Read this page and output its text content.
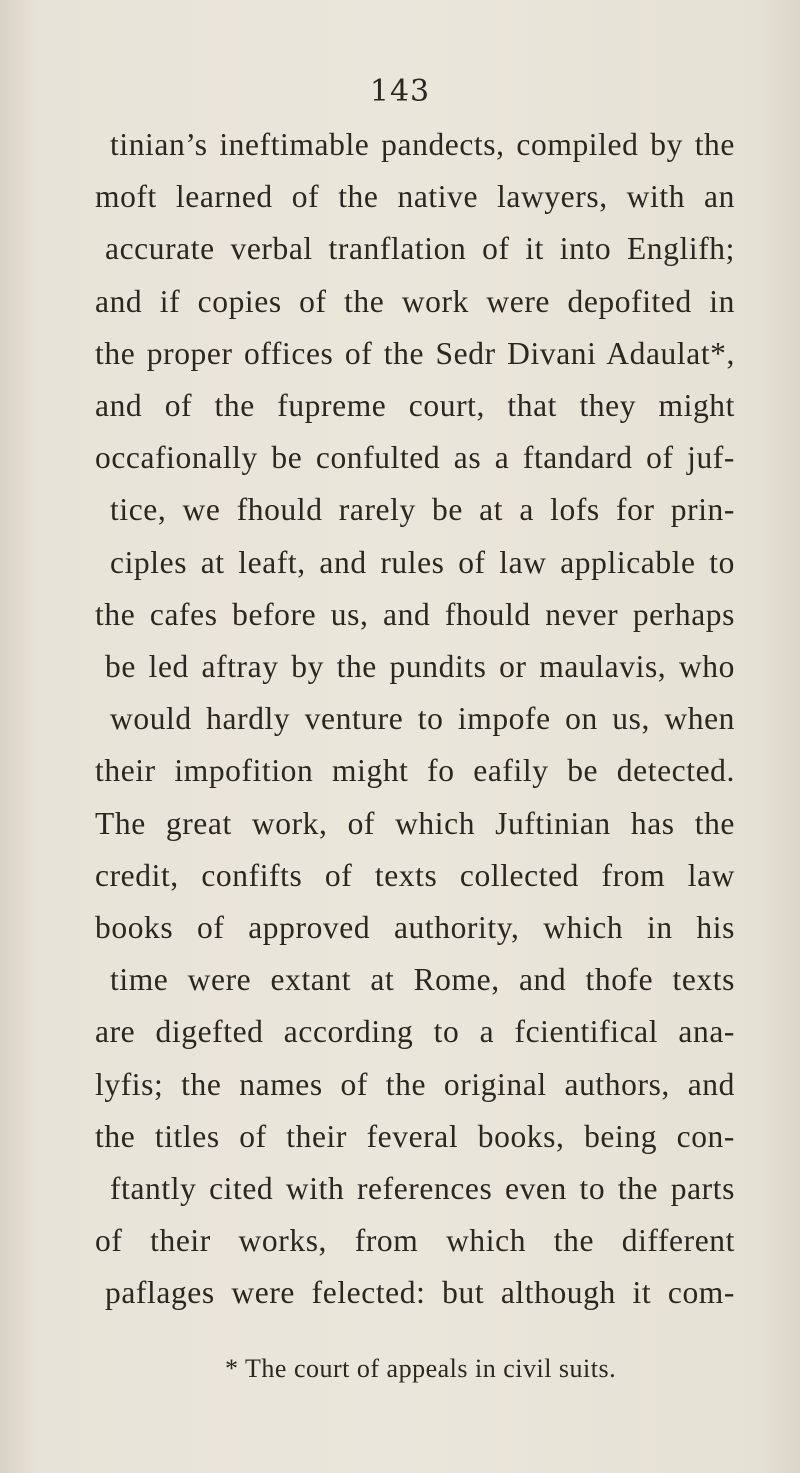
143
tinian’s ineftimable pandects, compiled by the
moft learned of the native lawyers, with an
accurate verbal tranflation of it into Englifh;
and if copies of the work were depofited in
the proper offices of the Sedr Divani Adaulat*,
and of the fupreme court, that they might
occafionally be confulted as a ftandard of juf-
tice, we fhould rarely be at a lofs for prin-
ciples at leaft, and rules of law applicable to
the cafes before us, and fhould never perhaps
be led aftray by the pundits or maulavis, who
would hardly venture to impofe on us, when
their impofition might fo eafily be detected.
The great work, of which Juftinian has the
credit, confifts of texts collected from law
books of approved authority, which in his
time were extant at Rome, and thofe texts
are digefted according to a fcientifical ana-
lyfis; the names of the original authors, and
the titles of their feveral books, being con-
ftantly cited with references even to the parts
of their works, from which the different
paflages were felected: but although it com-
* The court of appeals in civil suits.
